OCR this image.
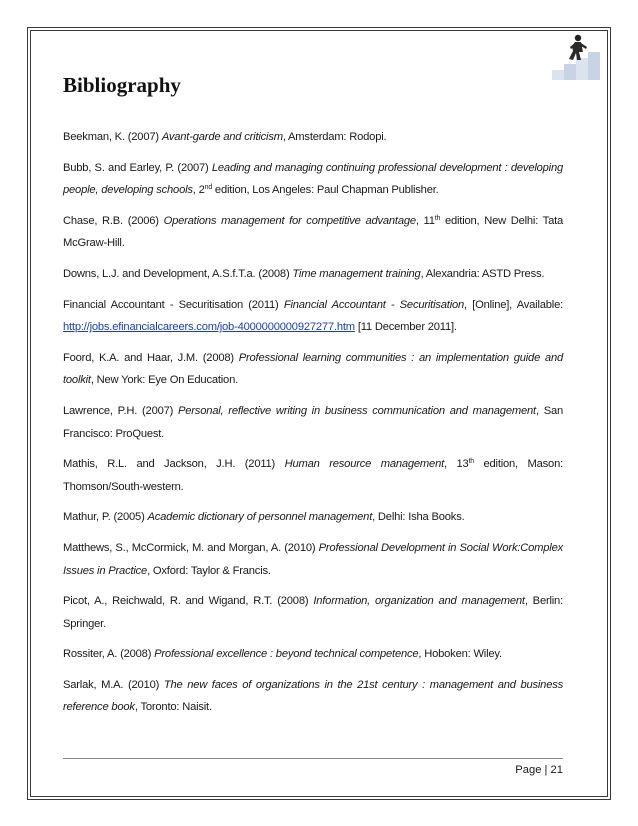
Bibliography

Beekman, K. (2007) Avant-garde and criticism, Amsterdam: Rodopi.

Bubb, S. and Earley, P. (2007) Leading and managing continuing professional development : developing people, developing schools, 2nd edition, Los Angeles: Paul Chapman Publisher.

Chase, R.B. (2006) Operations management for competitive advantage, 11th edition, New Delhi: Tata McGraw-Hill.

Downs, L.J. and Development, A.S.f.T.a. (2008) Time management training, Alexandria: ASTD Press.

Financial Accountant - Securitisation (2011) Financial Accountant - Securitisation, [Online], Available: http://jobs.efinancialcareers.com/job-4000000000927277.htm [11 December 2011].

Foord, K.A. and Haar, J.M. (2008) Professional learning communities : an implementation guide and toolkit, New York: Eye On Education.

Lawrence, P.H. (2007) Personal, reflective writing in business communication and management, San Francisco: ProQuest.

Mathis, R.L. and Jackson, J.H. (2011) Human resource management, 13th edition, Mason: Thomson/South-western.

Mathur, P. (2005) Academic dictionary of personnel management, Delhi: Isha Books.

Matthews, S., McCormick, M. and Morgan, A. (2010) Professional Development in Social Work:Complex Issues in Practice, Oxford: Taylor & Francis.

Picot, A., Reichwald, R. and Wigand, R.T. (2008) Information, organization and management, Berlin: Springer.

Rossiter, A. (2008) Professional excellence : beyond technical competence, Hoboken: Wiley.

Sarlak, M.A. (2010) The new faces of organizations in the 21st century : management and business reference book, Toronto: Naisit.

Page | 21
